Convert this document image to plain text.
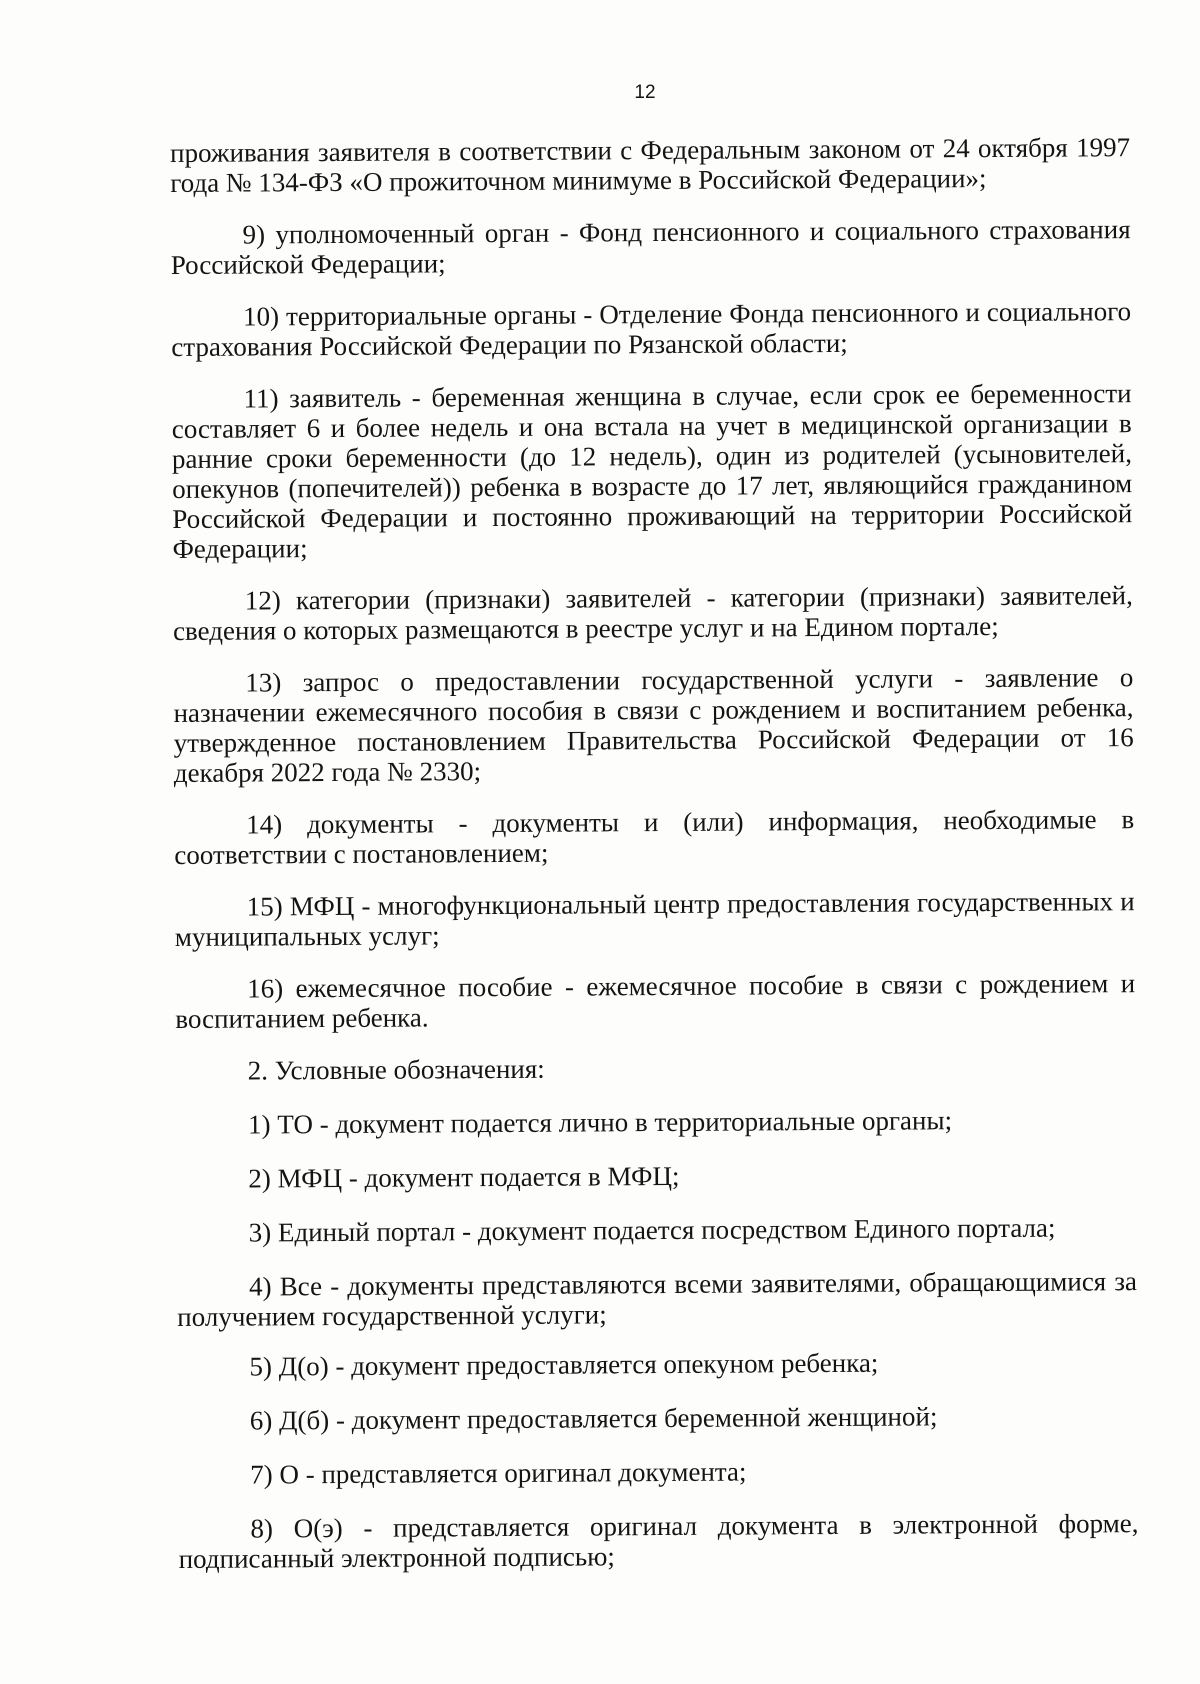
12

проживания заявителя в соответствии с Федеральным законом от 24 октября 1997 года № 134-ФЗ «О прожиточном минимуме в Российской Федерации»;

9) уполномоченный орган - Фонд пенсионного и социального страхования Российской Федерации;

10) территориальные органы - Отделение Фонда пенсионного и социального страхования Российской Федерации по Рязанской области;

11) заявитель - беременная женщина в случае, если срок ее беременности составляет 6 и более недель и она встала на учет в медицинской организации в ранние сроки беременности (до 12 недель), один из родителей (усыновителей, опекунов (попечителей)) ребенка в возрасте до 17 лет, являющийся гражданином Российской Федерации и постоянно проживающий на территории Российской Федерации;

12) категории (признаки) заявителей - категории (признаки) заявителей, сведения о которых размещаются в реестре услуг и на Едином портале;

13) запрос о предоставлении государственной услуги - заявление о назначении ежемесячного пособия в связи с рождением и воспитанием ребенка, утвержденное постановлением Правительства Российской Федерации от 16 декабря 2022 года № 2330;

14) документы - документы и (или) информация, необходимые в соответствии с постановлением;

15) МФЦ - многофункциональный центр предоставления государственных и муниципальных услуг;

16) ежемесячное пособие - ежемесячное пособие в связи с рождением и воспитанием ребенка.

2. Условные обозначения:

1) ТО - документ подается лично в территориальные органы;

2) МФЦ - документ подается в МФЦ;

3) Единый портал - документ подается посредством Единого портала;

4) Все - документы представляются всеми заявителями, обращающимися за получением государственной услуги;

5) Д(о) - документ предоставляется опекуном ребенка;

6) Д(б) - документ предоставляется беременной женщиной;

7) О - представляется оригинал документа;

8) О(э) - представляется оригинал документа в электронной форме, подписанный электронной подписью;
